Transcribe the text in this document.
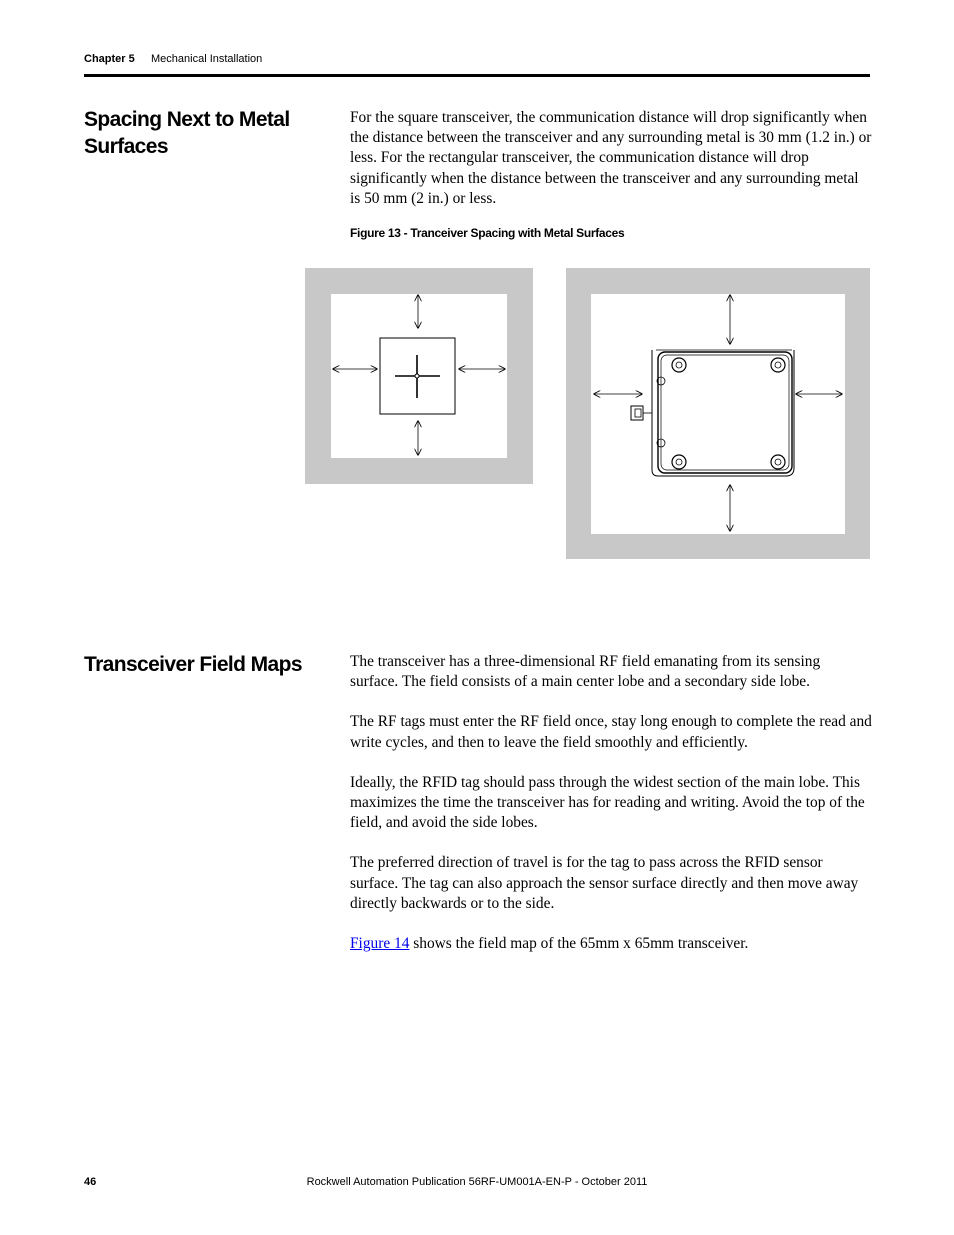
Chapter 5 Mechanical Installation
Spacing Next to Metal Surfaces

For the square transceiver, the communication distance will drop significantly when the distance between the transceiver and any surrounding metal is 30 mm (1.2 in.) or less. For the rectangular transceiver, the communication distance will drop significantly when the distance between the transceiver and any surrounding metal is 50 mm (2 in.) or less.

Figure 13 - Tranceiver Spacing with Metal Surfaces
Transceiver Field Maps	The transceiver has a three-dimensional RF field emanating from its sensing surface. The field consists of a main center lobe and a secondary side lobe.

The RF tags must enter the RF field once, stay long enough to complete the read and write cycles, and then to leave the field smoothly and efficiently.

Ideally, the RFID tag should pass through the widest section of the main lobe. This maximizes the time the transceiver has for reading and writing. Avoid the top of the field, and avoid the side lobes.

The preferred direction of travel is for the tag to pass across the RFID sensor surface. The tag can also approach the sensor surface directly and then move away directly backwards or to the side.

Figure 14 shows the field map of the 65mm x 65mm transceiver.

46	Rockwell Automation Publication 56RF-UM001A-EN-P - October 2011
